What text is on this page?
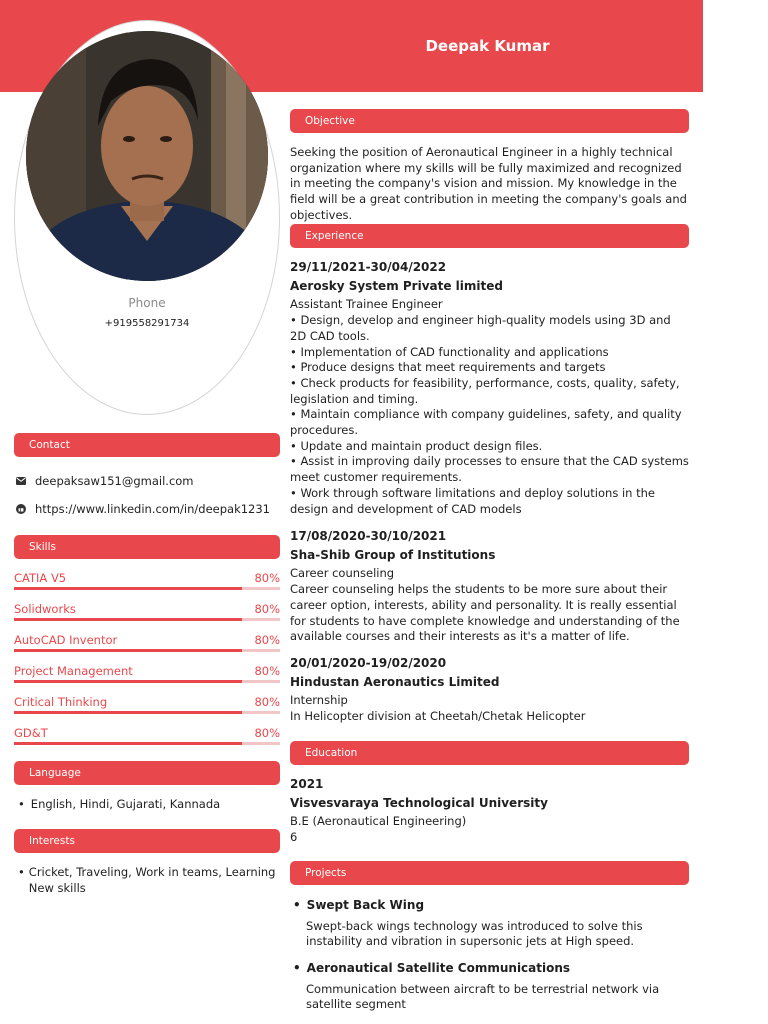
Deepak Kumar
Phone
+919558291734
Contact
deepaksaw151@gmail.com
https://www.linkedin.com/in/deepak1231
Skills
CATIA V5	80%
Solidworks	80%
AutoCAD Inventor	80%
Project Management	80%
Critical Thinking	80%
GD&T	80%
Language
• English, Hindi, Gujarati, Kannada
Interests
• Cricket, Traveling, Work in teams, Learning New skills
Objective
Seeking the position of Aeronautical Engineer in a highly technical organization where my skills will be fully maximized and recognized in meeting the company's vision and mission. My knowledge in the field will be a great contribution in meeting the company's goals and objectives.
Experience
29/11/2021-30/04/2022
Aerosky System Private limited
Assistant Trainee Engineer
• Design, develop and engineer high-quality models using 3D and 2D CAD tools.
• Implementation of CAD functionality and applications
• Produce designs that meet requirements and targets
• Check products for feasibility, performance, costs, quality, safety, legislation and timing.
• Maintain compliance with company guidelines, safety, and quality procedures.
• Update and maintain product design files.
• Assist in improving daily processes to ensure that the CAD systems meet customer requirements.
• Work through software limitations and deploy solutions in the design and development of CAD models
17/08/2020-30/10/2021
Sha-Shib Group of Institutions
Career counseling
Career counseling helps the students to be more sure about their career option, interests, ability and personality. It is really essential for students to have complete knowledge and understanding of the available courses and their interests as it's a matter of life.
20/01/2020-19/02/2020
Hindustan Aeronautics Limited
Internship
In Helicopter division at Cheetah/Chetak Helicopter
Education
2021
Visvesvaraya Technological University
B.E (Aeronautical Engineering)
6
Projects
• Swept Back Wing
Swept-back wings technology was introduced to solve this instability and vibration in supersonic jets at High speed.
• Aeronautical Satellite Communications
Communication between aircraft to be terrestrial network via satellite segment
